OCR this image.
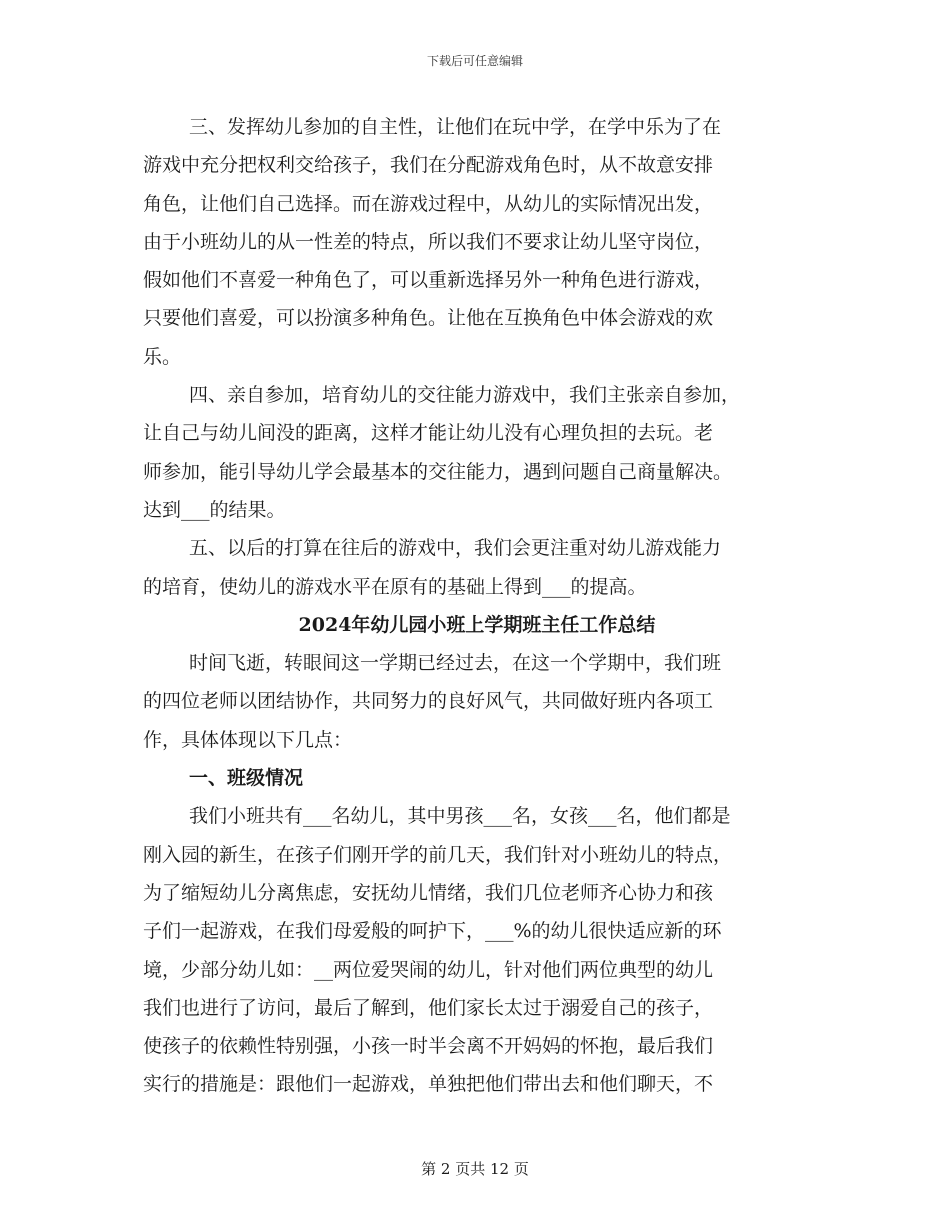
下载后可任意编辑
三、发挥幼儿参加的自主性，让他们在玩中学，在学中乐为了在
游戏中充分把权利交给孩子，我们在分配游戏角色时，从不故意安排
角色，让他们自己选择。而在游戏过程中，从幼儿的实际情况出发，
由于小班幼儿的从一性差的特点，所以我们不要求让幼儿坚守岗位，
假如他们不喜爱一种角色了，可以重新选择另外一种角色进行游戏，
只要他们喜爱，可以扮演多种角色。让他在互换角色中体会游戏的欢
乐。
四、亲自参加，培育幼儿的交往能力游戏中，我们主张亲自参加，
让自己与幼儿间没的距离，这样才能让幼儿没有心理负担的去玩。老
师参加，能引导幼儿学会最基本的交往能力，遇到问题自己商量解决。
达到___的结果。
五、以后的打算在往后的游戏中，我们会更注重对幼儿游戏能力
的培育，使幼儿的游戏水平在原有的基础上得到___的提高。
2024年幼儿园小班上学期班主任工作总结
时间飞逝，转眼间这一学期已经过去，在这一个学期中，我们班
的四位老师以团结协作，共同努力的良好风气，共同做好班内各项工
作，具体体现以下几点：
一、班级情况
我们小班共有___名幼儿，其中男孩___名，女孩___名，他们都是
刚入园的新生，在孩子们刚开学的前几天，我们针对小班幼儿的特点，
为了缩短幼儿分离焦虑，安抚幼儿情绪，我们几位老师齐心协力和孩
子们一起游戏，在我们母爱般的呵护下，___%的幼儿很快适应新的环
境，少部分幼儿如：__两位爱哭闹的幼儿，针对他们两位典型的幼儿
我们也进行了访问，最后了解到，他们家长太过于溺爱自己的孩子，
使孩子的依赖性特别强，小孩一时半会离不开妈妈的怀抱，最后我们
实行的措施是：跟他们一起游戏，单独把他们带出去和他们聊天，不
第 2 页共 12 页
